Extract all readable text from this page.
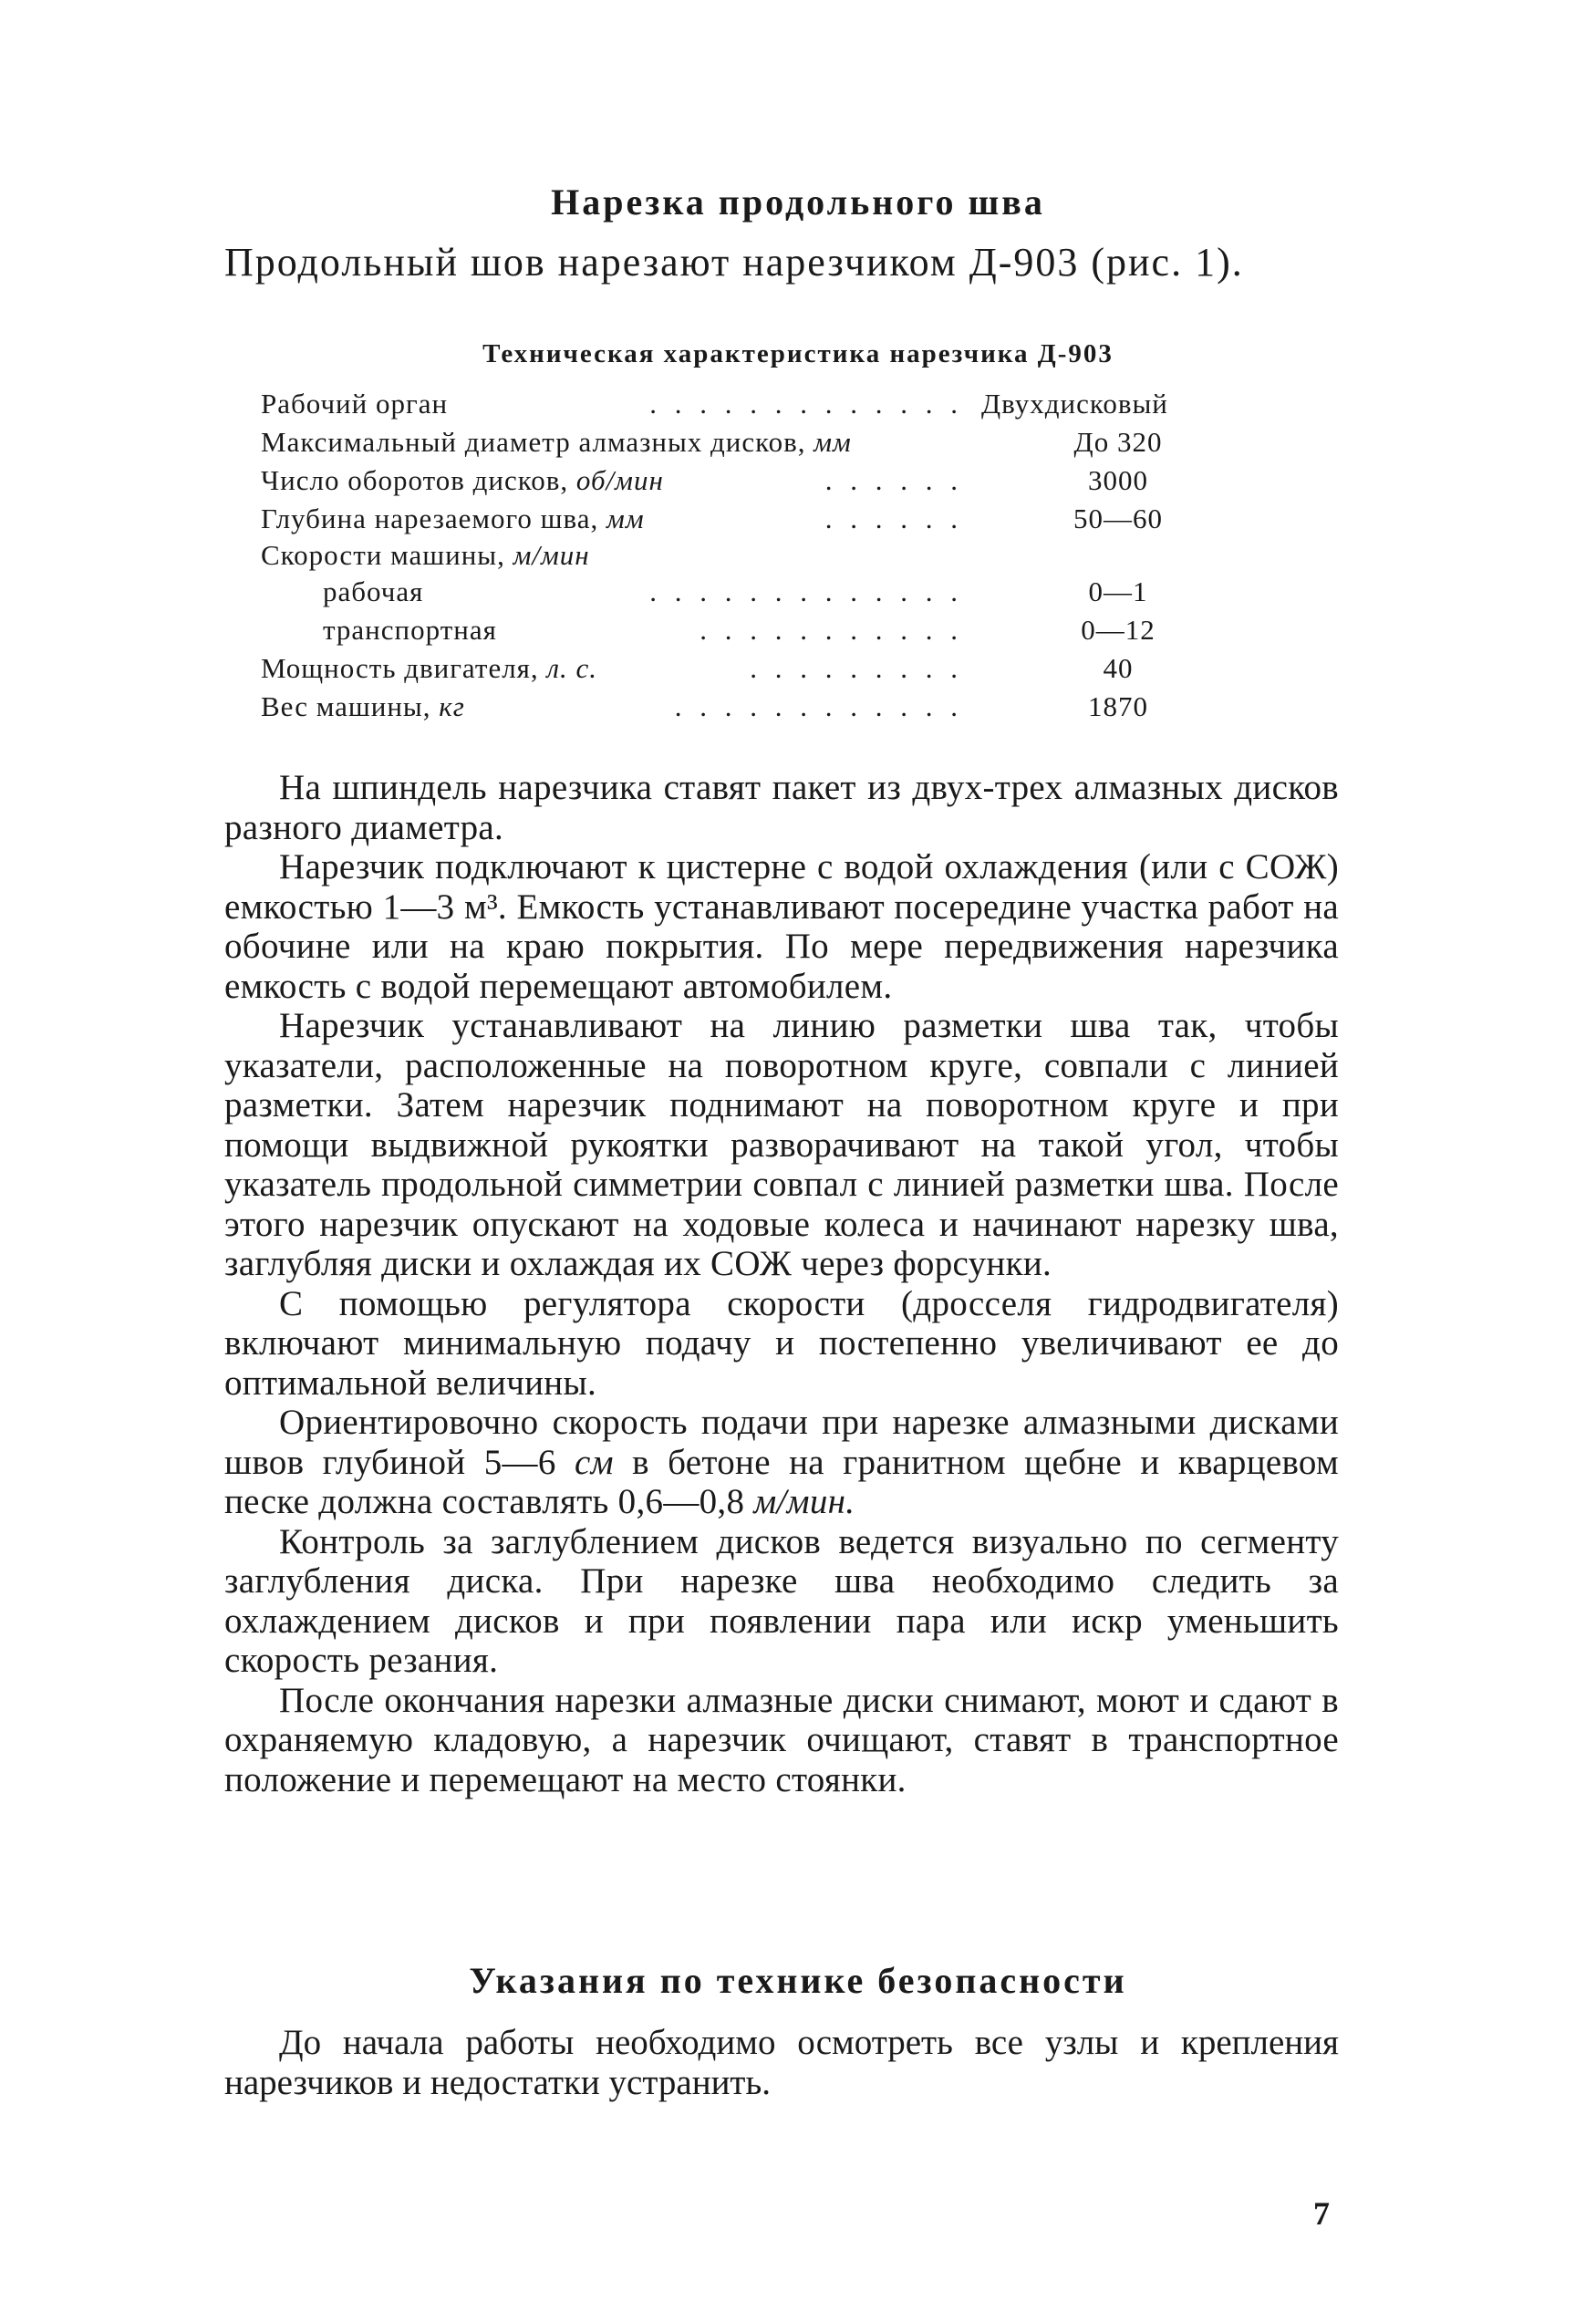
Нарезка продольного шва

Продольный шов нарезают нарезчиком Д-903 (рис. 1).

Техническая характеристика нарезчика Д-903

Рабочий орган	. . . . . . . . . . . . . Двухдисковый
Максимальный диаметр алмазных дисков, мм	До 320
Число оборотов дисков, об/мин	. . . . . .	3000
Глубина нарезаемого шва, мм	. . . . . .	50—60
Скорости машины, м/мин
рабочая	. . . . . . . . . . . . .	0—1
транспортная	. . . . . . . . . . .	0—12
Мощность двигателя, л. с.	. . . . . . . . .	40
Вес машины, кг	. . . . . . . . . . . .	1870

На шпиндель нарезчика ставят пакет из двух-трех алмазных дисков разного диаметра.

Нарезчик подключают к цистерне с водой охлаждения (или с СОЖ) емкостью 1—3 м³. Емкость устанавливают посередине участка работ на обочине или на краю покрытия. По мере передвижения нарезчика емкость с водой перемещают автомобилем.

Нарезчик устанавливают на линию разметки шва так, чтобы указатели, расположенные на поворотном круге, совпали с линией разметки. Затем нарезчик поднимают на поворотном круге и при помощи выдвижной рукоятки разворачивают на такой угол, чтобы указатель продольной симметрии совпал с линией разметки шва. После этого нарезчик опускают на ходовые колеса и начинают нарезку шва, заглубляя диски и охлаждая их СОЖ через форсунки.

С помощью регулятора скорости (дросселя гидродвигателя) включают минимальную подачу и постепенно увеличивают ее до оптимальной величины.

Ориентировочно скорость подачи при нарезке алмазными дисками швов глубиной 5—6 см в бетоне на гранитном щебне и кварцевом песке должна составлять 0,6—0,8 м/мин.

Контроль за заглублением дисков ведется визуально по сегменту заглубления диска. При нарезке шва необходимо следить за охлаждением дисков и при появлении пара или искр уменьшить скорость резания.

После окончания нарезки алмазные диски снимают, моют и сдают в охраняемую кладовую, а нарезчик очищают, ставят в транспортное положение и перемещают на место стоянки.

Указания по технике безопасности

До начала работы необходимо осмотреть все узлы и крепления нарезчиков и недостатки устранить.

7
